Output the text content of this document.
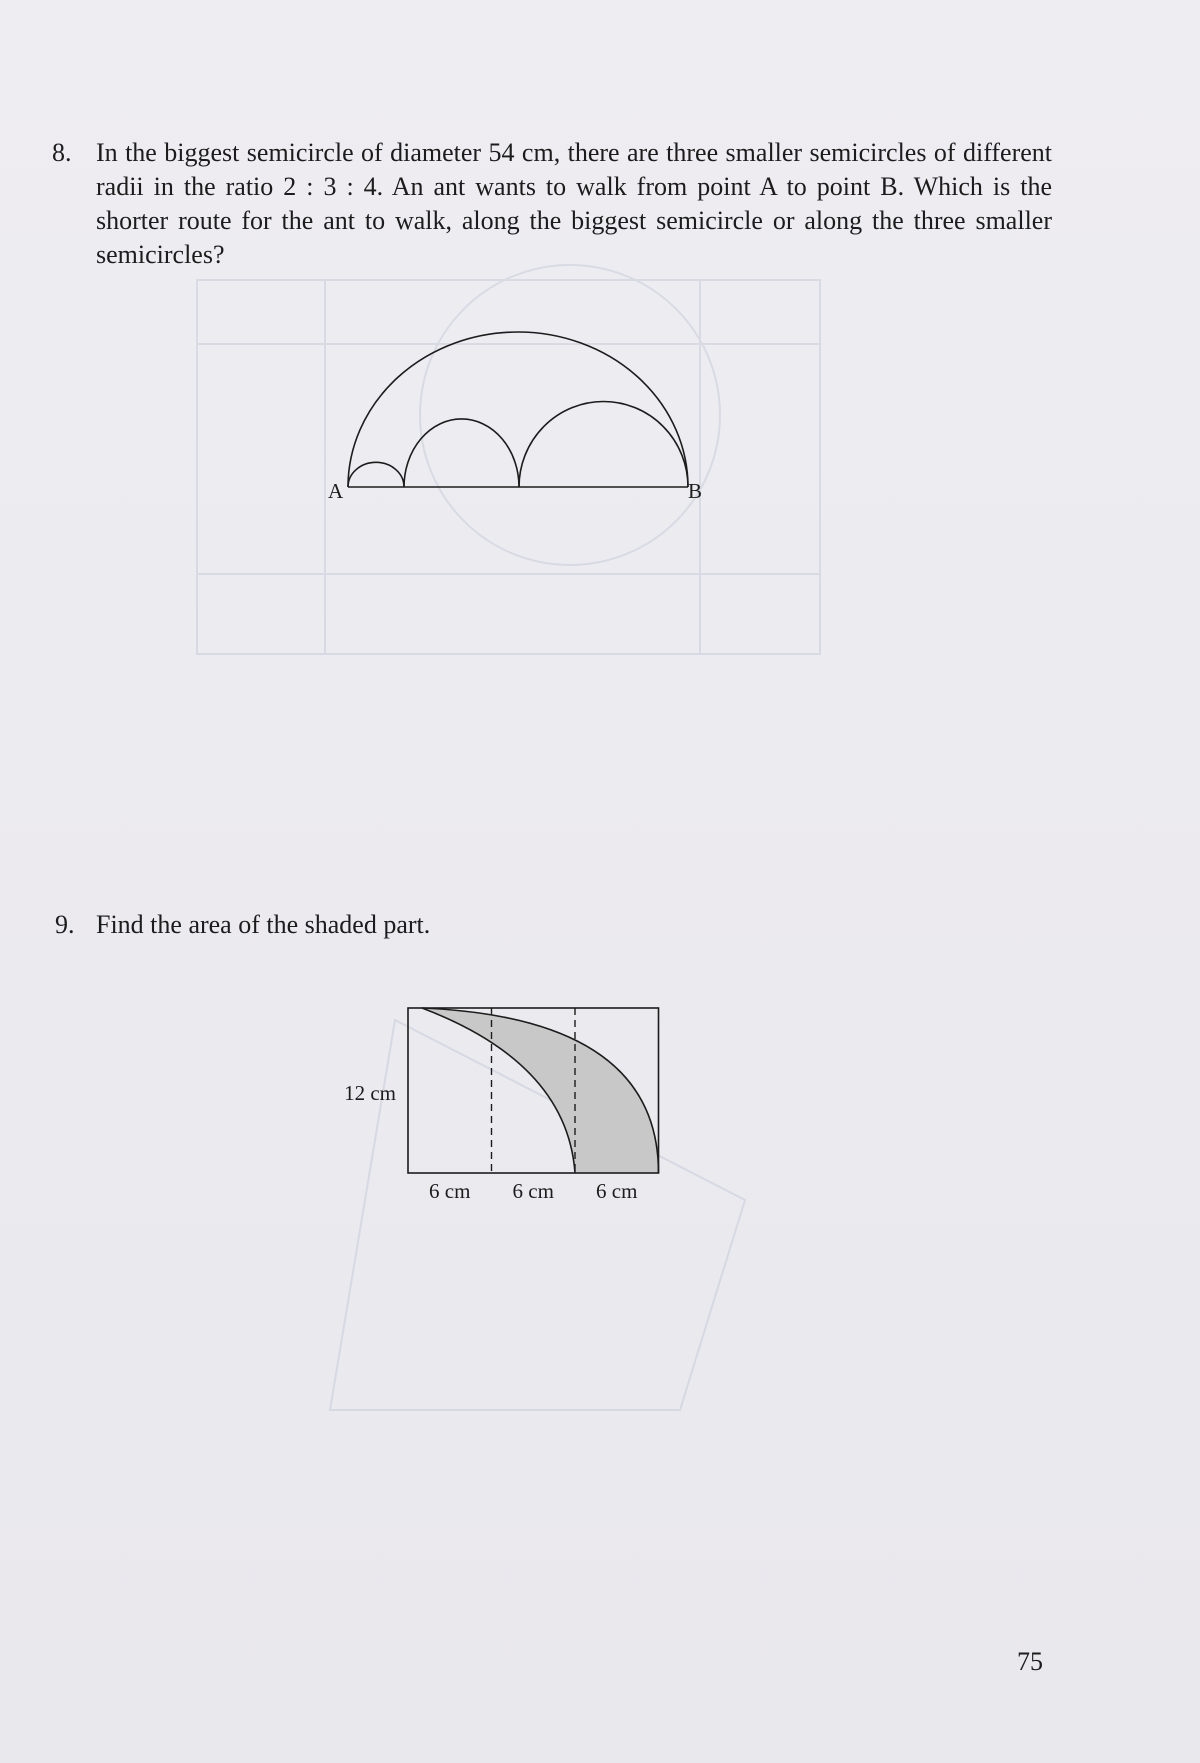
8. In the biggest semicircle of diameter 54 cm, there are three smaller semicircles of different radii in the ratio 2 : 3 : 4. An ant wants to walk from point A to point B. Which is the shorter route for the ant to walk, along the biggest semicircle or along the three smaller semicircles?
A	B
9. Find the area of the shaded part.
12 cm
6 cm 6 cm 6 cm
75
